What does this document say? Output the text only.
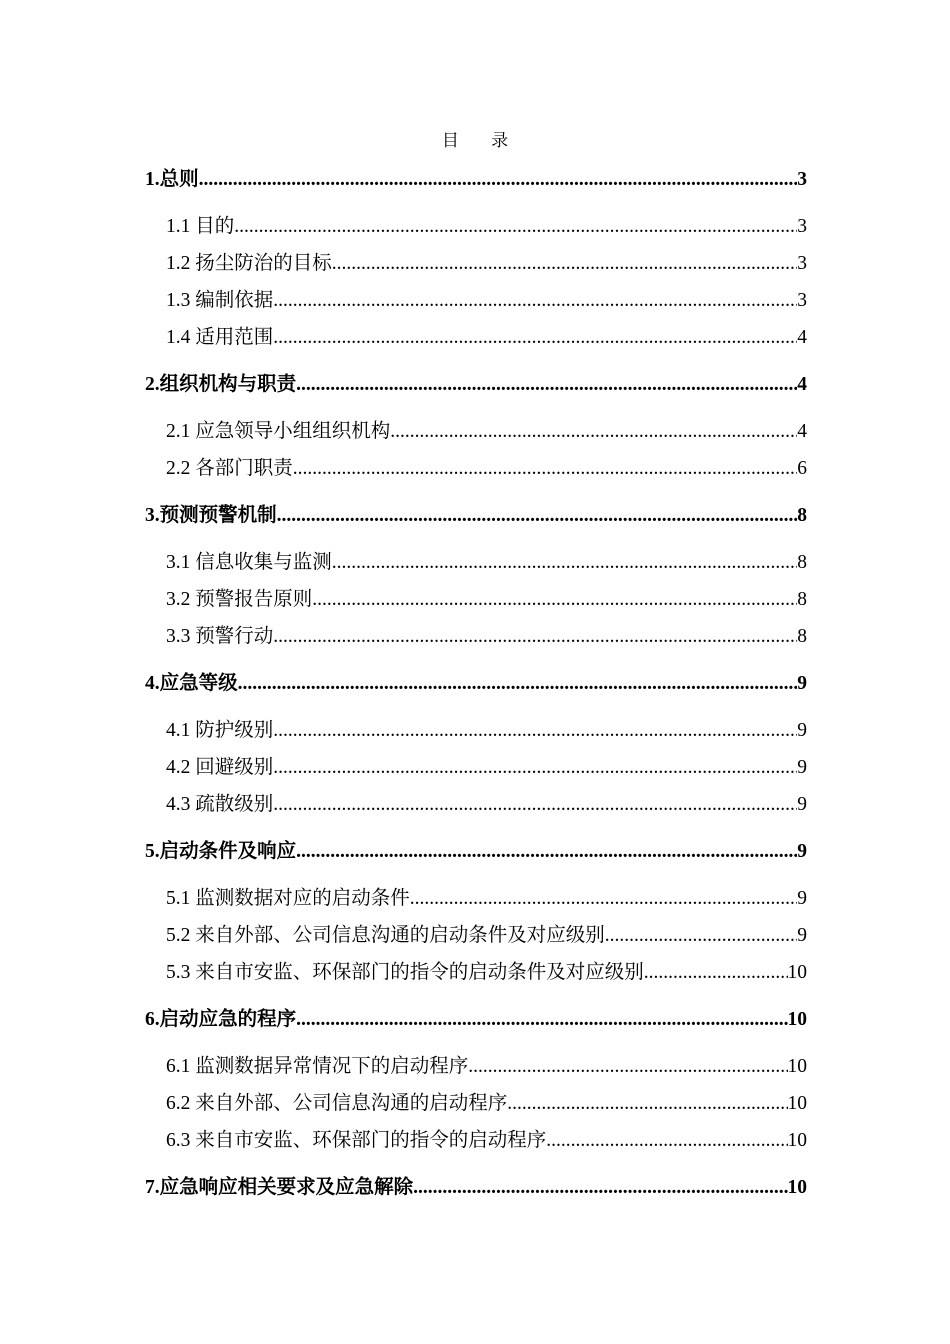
目 录
1.总则 .....	3
1.1 目的 .....	3
1.2 扬尘防治的目标 .....	3
1.3 编制依据 .....	3
1.4 适用范围 .....	4
2.组织机构与职责 .....	4
2.1 应急领导小组组织机构 .....	4
2.2 各部门职责 .....	6
3.预测预警机制 .....	8
3.1 信息收集与监测 .....	8
3.2 预警报告原则 .....	8
3.3 预警行动 .....	8
4.应急等级 .....	9
4.1 防护级别 .....	9
4.2 回避级别 .....	9
4.3 疏散级别 .....	9
5.启动条件及响应 .....	9
5.1 监测数据对应的启动条件 .....	9
5.2 来自外部、公司信息沟通的启动条件及对应级别 .....	9
5.3 来自市安监、环保部门的指令的启动条件及对应级别 .....	10
6.启动应急的程序 .....	10
6.1 监测数据异常情况下的启动程序 .....	10
6.2 来自外部、公司信息沟通的启动程序 .....	10
6.3 来自市安监、环保部门的指令的启动程序 .....	10
7.应急响应相关要求及应急解除 .....	10
